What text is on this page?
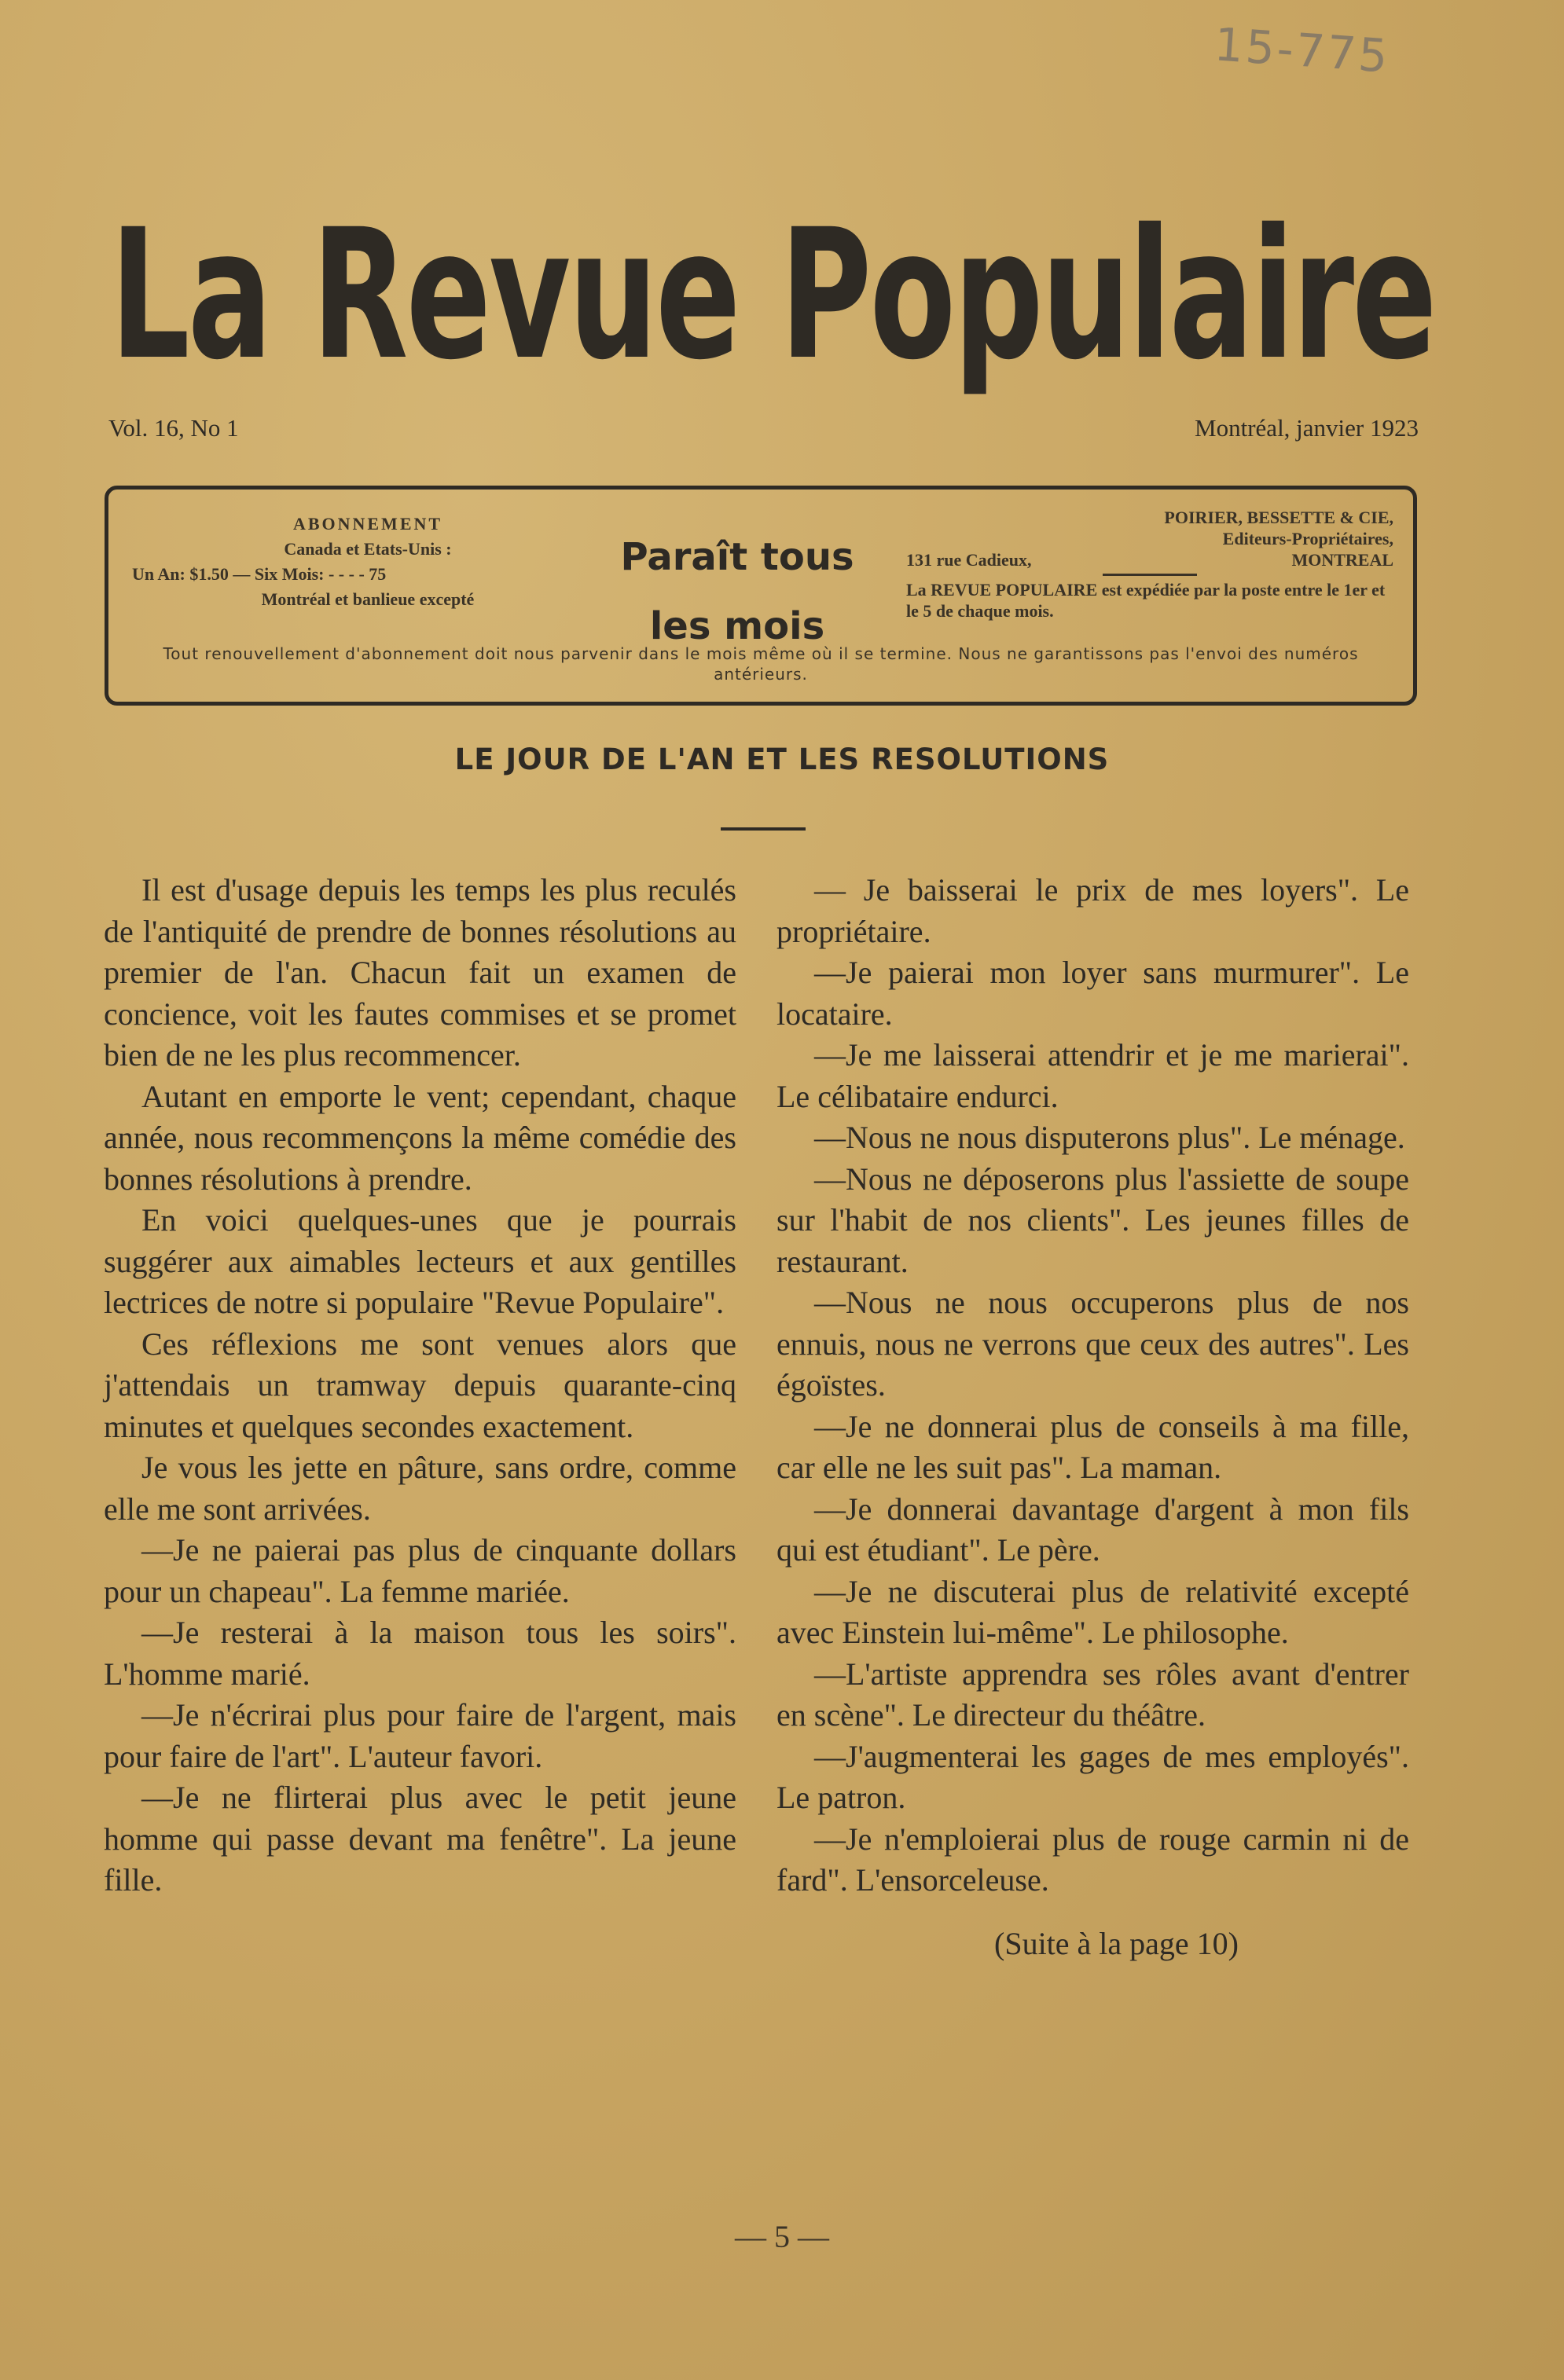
15-775
La Revue Populaire
Vol. 16, No 1	Montréal, janvier 1923
ABONNEMENT
Canada et Etats-Unis :
Un An: $1.50 — Six Mois: - - - - 75
Montréal et banlieue excepté
Paraît tous
les mois
POIRIER, BESSETTE & CIE,
Editeurs-Propriétaires,
131 rue Cadieux,	MONTREAL
La REVUE POPULAIRE est expédiée par la poste entre le 1er et le 5 de chaque mois.
Tout renouvellement d'abonnement doit nous parvenir dans le mois même où il se termine. Nous ne garantissons pas l'envoi des numéros antérieurs.
LE JOUR DE L'AN ET LES RESOLUTIONS

Il est d'usage depuis les temps les plus reculés de l'antiquité de prendre de bonnes résolutions au premier de l'an. Chacun fait un examen de concience, voit les fautes commises et se promet bien de ne les plus recommencer.

Autant en emporte le vent; cependant, chaque année, nous recommençons la même comédie des bonnes résolutions à prendre.

En voici quelques-unes que je pourrais suggérer aux aimables lecteurs et aux gentilles lectrices de notre si populaire "Revue Populaire".

Ces réflexions me sont venues alors que j'attendais un tramway depuis quarante-cinq minutes et quelques secondes exactement.

Je vous les jette en pâture, sans ordre, comme elle me sont arrivées.

—Je ne paierai pas plus de cinquante dollars pour un chapeau". La femme mariée.

—Je resterai à la maison tous les soirs". L'homme marié.

—Je n'écrirai plus pour faire de l'argent, mais pour faire de l'art". L'auteur favori.

—Je ne flirterai plus avec le petit jeune homme qui passe devant ma fenêtre". La jeune fille.

— Je baisserai le prix de mes loyers". Le propriétaire.

—Je paierai mon loyer sans murmurer". Le locataire.

—Je me laisserai attendrir et je me marierai". Le célibataire endurci.

—Nous ne nous disputerons plus". Le ménage.

—Nous ne déposerons plus l'assiette de soupe sur l'habit de nos clients". Les jeunes filles de restaurant.

—Nous ne nous occuperons plus de nos ennuis, nous ne verrons que ceux des autres". Les égoïstes.

—Je ne donnerai plus de conseils à ma fille, car elle ne les suit pas". La maman.

—Je donnerai davantage d'argent à mon fils qui est étudiant". Le père.

—Je ne discuterai plus de relativité excepté avec Einstein lui-même". Le philosophe.

—L'artiste apprendra ses rôles avant d'entrer en scène". Le directeur du théâtre.

—J'augmenterai les gages de mes employés". Le patron.

—Je n'emploierai plus de rouge carmin ni de fard". L'ensorceleuse.

(Suite à la page 10)

— 5 —
